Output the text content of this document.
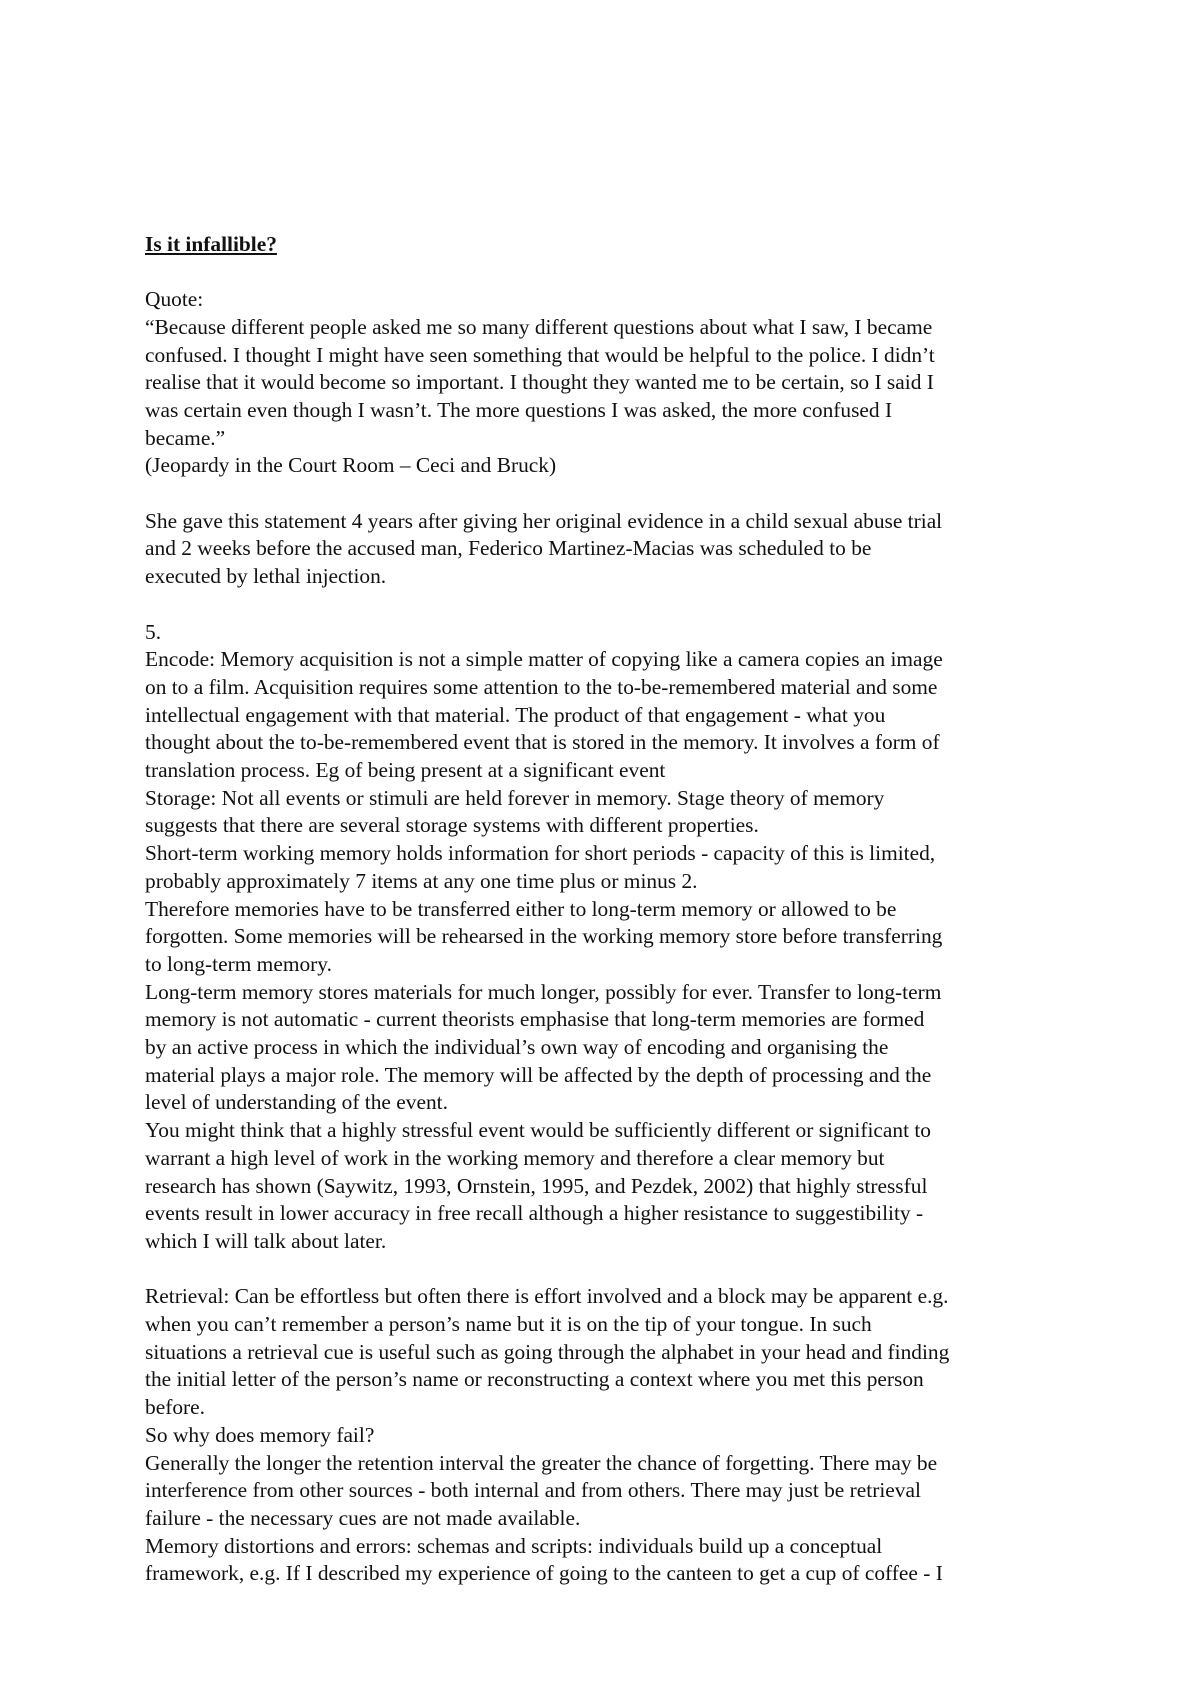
Is it infallible?

Quote:
“Because different people asked me so many different questions about what I saw, I became
confused. I thought I might have seen something that would be helpful to the police. I didn’t
realise that it would become so important. I thought they wanted me to be certain, so I said I
was certain even though I wasn’t. The more questions I was asked, the more confused I
became.”
(Jeopardy in the Court Room – Ceci and Bruck)
She gave this statement 4 years after giving her original evidence in a child sexual abuse trial
and 2 weeks before the accused man, Federico Martinez-Macias was scheduled to be
executed by lethal injection.
5.
Encode: Memory acquisition is not a simple matter of copying like a camera copies an image
on to a film. Acquisition requires some attention to the to-be-remembered material and some
intellectual engagement with that material. The product of that engagement - what you
thought about the to-be-remembered event that is stored in the memory. It involves a form of
translation process. Eg of being present at a significant event
Storage: Not all events or stimuli are held forever in memory. Stage theory of memory
suggests that there are several storage systems with different properties.
Short-term working memory holds information for short periods - capacity of this is limited,
probably approximately 7 items at any one time plus or minus 2.
Therefore memories have to be transferred either to long-term memory or allowed to be
forgotten. Some memories will be rehearsed in the working memory store before transferring
to long-term memory.
Long-term memory stores materials for much longer, possibly for ever. Transfer to long-term
memory is not automatic - current theorists emphasise that long-term memories are formed
by an active process in which the individual’s own way of encoding and organising the
material plays a major role. The memory will be affected by the depth of processing and the
level of understanding of the event.
You might think that a highly stressful event would be sufficiently different or significant to
warrant a high level of work in the working memory and therefore a clear memory but
research has shown (Saywitz, 1993, Ornstein, 1995, and Pezdek, 2002) that highly stressful
events result in lower accuracy in free recall although a higher resistance to suggestibility -
which I will talk about later.
Retrieval: Can be effortless but often there is effort involved and a block may be apparent e.g.
when you can’t remember a person’s name but it is on the tip of your tongue. In such
situations a retrieval cue is useful such as going through the alphabet in your head and finding
the initial letter of the person’s name or reconstructing a context where you met this person
before.
So why does memory fail?
Generally the longer the retention interval the greater the chance of forgetting. There may be
interference from other sources - both internal and from others. There may just be retrieval
failure - the necessary cues are not made available.
Memory distortions and errors: schemas and scripts: individuals build up a conceptual
framework, e.g. If I described my experience of going to the canteen to get a cup of coffee - I
